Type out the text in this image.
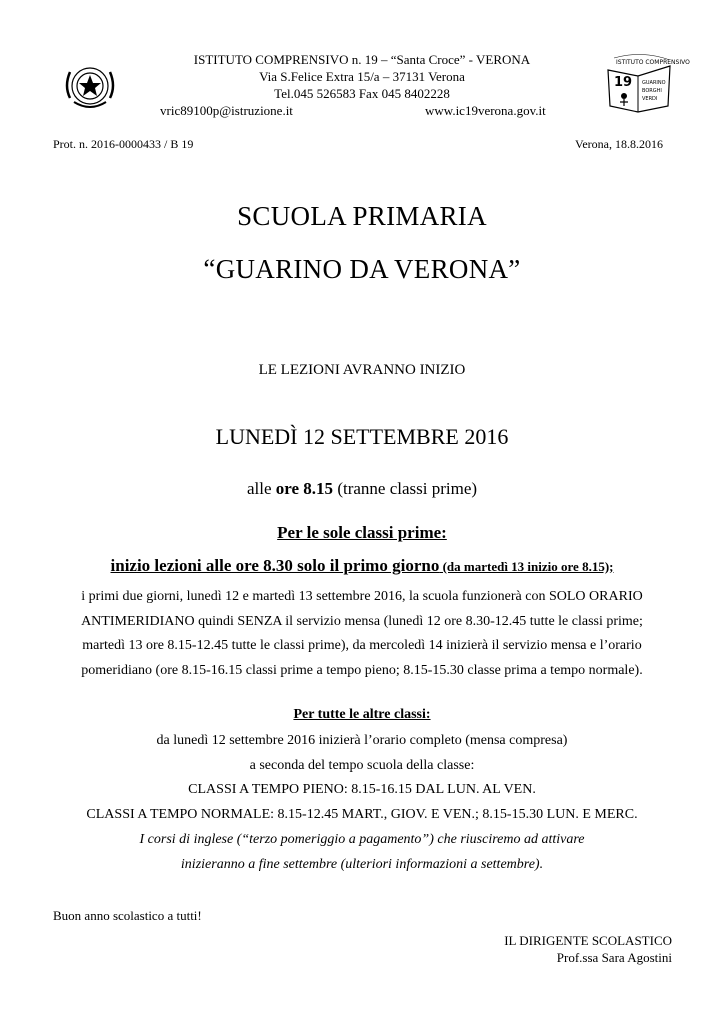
ISTITUTO COMPRENSIVO
19 GUARINO
BORGHI
VERDI
ISTITUTO COMPRENSIVO n. 19 – “Santa Croce” - VERONA
Via S.Felice Extra 15/a – 37131 Verona
Tel.045 526583 Fax 045 8402228
vric89100p@istruzione.it	www.ic19verona.gov.it
Prot. n. 2016-0000433 / B 19	Verona, 18.8.2016
SCUOLA PRIMARIA
“GUARINO DA VERONA”
LE LEZIONI AVRANNO INIZIO
LUNEDÌ 12 SETTEMBRE 2016
alle ore 8.15 (tranne classi prime)
Per le sole classi prime:
inizio lezioni alle ore 8.30 solo il primo giorno (da martedì 13 inizio ore 8.15);
i primi due giorni, lunedì 12 e martedì 13 settembre 2016, la scuola funzionerà con SOLO ORARIO
ANTIMERIDIANO quindi SENZA il servizio mensa (lunedì 12 ore 8.30-12.45 tutte le classi prime;
martedì 13 ore 8.15-12.45 tutte le classi prime), da mercoledì 14 inizierà il servizio mensa e l’orario
pomeridiano (ore 8.15-16.15 classi prime a tempo pieno; 8.15-15.30 classe prima a tempo normale).
Per tutte le altre classi:
da lunedì 12 settembre 2016 inizierà l’orario completo (mensa compresa)
a seconda del tempo scuola della classe:
CLASSI A TEMPO PIENO: 8.15-16.15 DAL LUN. AL VEN.
CLASSI A TEMPO NORMALE: 8.15-12.45 MART., GIOV. E VEN.; 8.15-15.30 LUN. E MERC.
I corsi di inglese (“terzo pomeriggio a pagamento”) che riusciremo ad attivare
inizieranno a fine settembre (ulteriori informazioni a settembre).
Buon anno scolastico a tutti!
IL DIRIGENTE SCOLASTICO
Prof.ssa Sara Agostini
